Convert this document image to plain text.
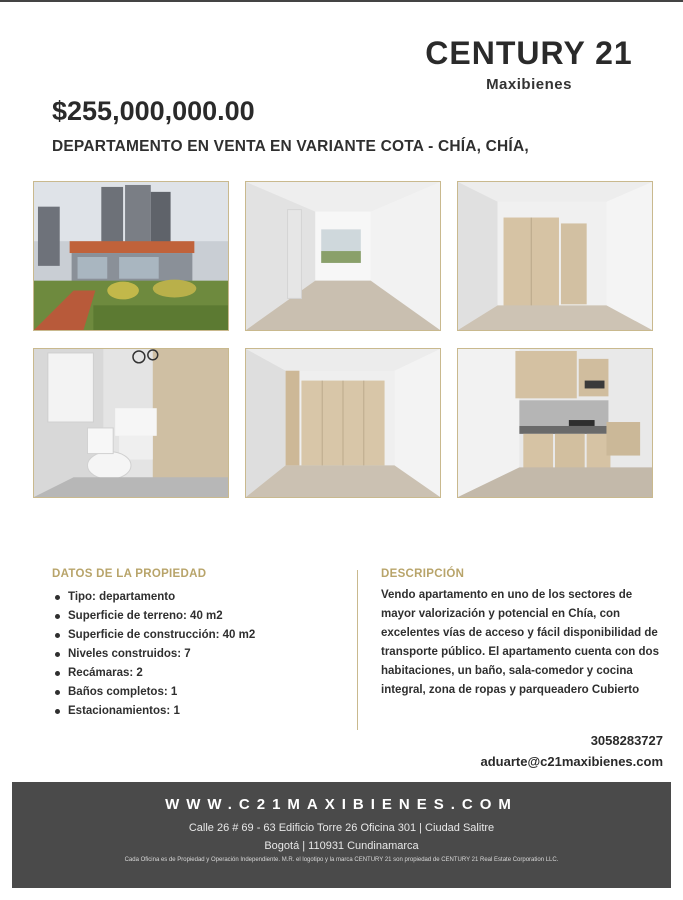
CENTURY 21
Maxibienes
$255,000,000.00
DEPARTAMENTO EN VENTA EN VARIANTE COTA - CHÍA, CHÍA,
DATOS DE LA PROPIEDAD
Tipo: departamento
Superficie de terreno: 40 m2
Superficie de construcción: 40 m2
Niveles construidos: 7
Recámaras: 2
Baños completos: 1
Estacionamientos: 1
DESCRIPCIÓN
Vendo apartamento en uno de los sectores de mayor valorización y potencial en Chía, con excelentes vías de acceso y fácil disponibilidad de transporte público. El apartamento cuenta con dos habitaciones, un baño, sala-comedor y cocina integral, zona de ropas y parqueadero Cubierto
3058283727
aduarte@c21maxibienes.com
WWW.C21MAXIBIENES.COM
Calle 26 # 69 - 63 Edificio Torre 26 Oficina 301 | Ciudad Salitre
Bogotá | 110931 Cundinamarca
Cada Oficina es de Propiedad y Operación Independiente. M.R. el logotipo y la marca CENTURY 21 son propiedad de CENTURY 21 Real Estate Corporation LLC.
